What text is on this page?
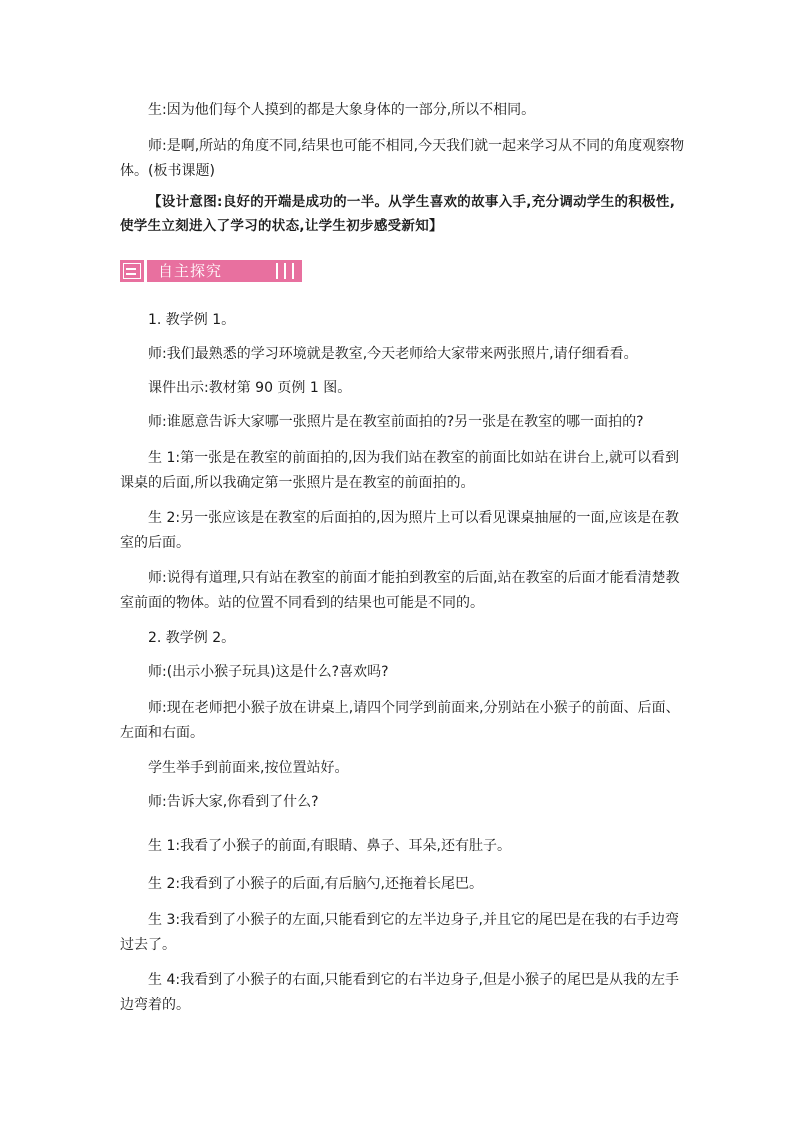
生:因为他们每个人摸到的都是大象身体的一部分,所以不相同。
师:是啊,所站的角度不同,结果也可能不相同,今天我们就一起来学习从不同的角度观察物体。(板书课题)
【设计意图:良好的开端是成功的一半。从学生喜欢的故事入手,充分调动学生的积极性,使学生立刻进入了学习的状态,让学生初步感受新知】
自主探究
1. 教学例 1。
师:我们最熟悉的学习环境就是教室,今天老师给大家带来两张照片,请仔细看看。
课件出示:教材第 90 页例 1 图。
师:谁愿意告诉大家哪一张照片是在教室前面拍的?另一张是在教室的哪一面拍的?
生 1:第一张是在教室的前面拍的,因为我们站在教室的前面比如站在讲台上,就可以看到课桌的后面,所以我确定第一张照片是在教室的前面拍的。
生 2:另一张应该是在教室的后面拍的,因为照片上可以看见课桌抽屉的一面,应该是在教室的后面。
师:说得有道理,只有站在教室的前面才能拍到教室的后面,站在教室的后面才能看清楚教室前面的物体。站的位置不同看到的结果也可能是不同的。
2. 教学例 2。
师:(出示小猴子玩具)这是什么?喜欢吗?
师:现在老师把小猴子放在讲桌上,请四个同学到前面来,分别站在小猴子的前面、后面、左面和右面。
学生举手到前面来,按位置站好。
师:告诉大家,你看到了什么?
生 1:我看了小猴子的前面,有眼睛、鼻子、耳朵,还有肚子。
生 2:我看到了小猴子的后面,有后脑勺,还拖着长尾巴。
生 3:我看到了小猴子的左面,只能看到它的左半边身子,并且它的尾巴是在我的右手边弯过去了。
生 4:我看到了小猴子的右面,只能看到它的右半边身子,但是小猴子的尾巴是从我的左手边弯着的。
